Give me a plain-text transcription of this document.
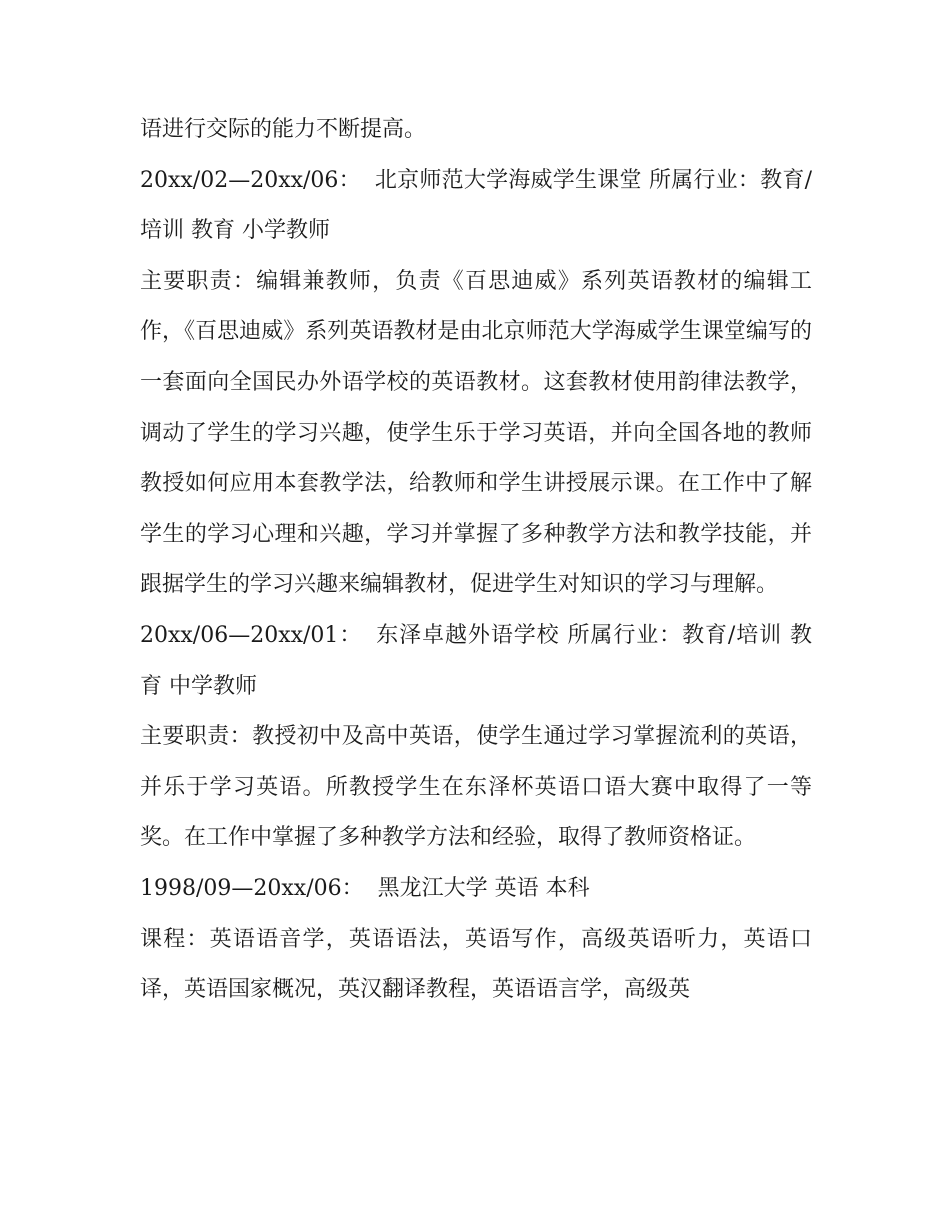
语进行交际的能力不断提高。

20xx/02—20xx/06： 北京师范大学海威学生课堂 所属行业：教育/培训 教育 小学教师

主要职责：编辑兼教师，负责《百思迪威》系列英语教材的编辑工作，《百思迪威》系列英语教材是由北京师范大学海威学生课堂编写的一套面向全国民办外语学校的英语教材。这套教材使用韵律法教学，调动了学生的学习兴趣，使学生乐于学习英语，并向全国各地的教师教授如何应用本套教学法，给教师和学生讲授展示课。在工作中了解学生的学习心理和兴趣，学习并掌握了多种教学方法和教学技能，并跟据学生的学习兴趣来编辑教材，促进学生对知识的学习与理解。

20xx/06—20xx/01： 东泽卓越外语学校 所属行业：教育/培训 教育 中学教师

主要职责：教授初中及高中英语，使学生通过学习掌握流利的英语，并乐于学习英语。所教授学生在东泽杯英语口语大赛中取得了一等奖。在工作中掌握了多种教学方法和经验，取得了教师资格证。

1998/09—20xx/06： 黑龙江大学 英语 本科

课程：英语语音学，英语语法，英语写作，高级英语听力，英语口译，英语国家概况，英汉翻译教程，英语语言学，高级英
